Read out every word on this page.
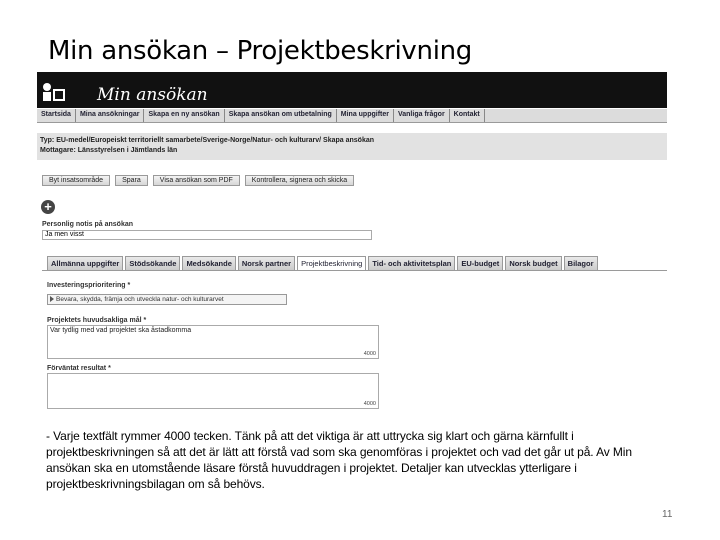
Min ansökan – Projektbeskrivning
Min ansökan
Startsida	Mina ansökningar	Skapa en ny ansökan	Skapa ansökan om utbetalning	Mina uppgifter	Vanliga frågor	Kontakt
Typ: EU-medel/Europeiskt territoriellt samarbete/Sverige-Norge/Natur- och kulturarv/ Skapa ansökan
Mottagare: Länsstyrelsen i Jämtlands län
Byt insatsområde	Spara	Visa ansökan som PDF	Kontrollera, signera och skicka
+
Personlig notis på ansökan
Ja men visst
Allmänna uppgifter	Stödsökande	Medsökande	Norsk partner	Projektbeskrivning	Tid- och aktivitetsplan	EU-budget	Norsk budget	Bilagor
Investeringsprioritering *
Bevara, skydda, främja och utveckla natur- och kulturarvet
Projektets huvudsakliga mål *
Var tydlig med vad projektet ska åstadkomma
4000
Förväntat resultat *
4000
- Varje textfält rymmer 4000 tecken. Tänk på att det viktiga är att uttrycka sig klart och gärna kärnfullt i projektbeskrivningen så att det är lätt att förstå vad som ska genomföras i projektet och vad det går ut på. Av Min ansökan ska en utomstående läsare förstå huvuddragen i projektet. Detaljer kan utvecklas ytterligare i projektbeskrivningsbilagan om så behövs.
11
